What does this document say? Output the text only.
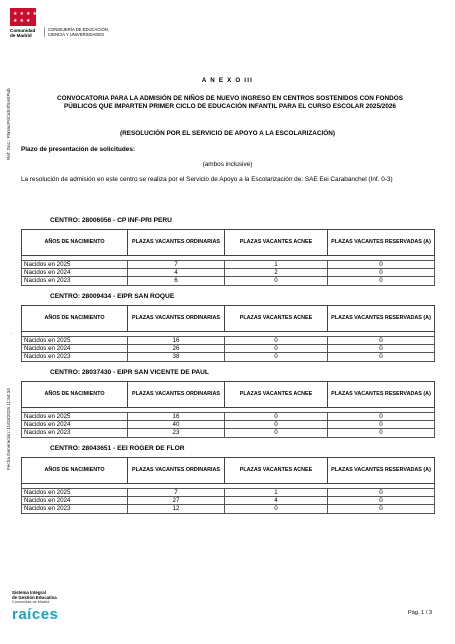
★ ★ ★ ★
★ ★ ★
Comunidad
de Madrid
CONSEJERÍA DE EDUCACIÓN,
CIENCIA Y UNIVERSIDADES
Ref: Doc.: PlaVacPriCiclInfSAEPub
.
Fecha Generación: 11/03/2025 11:54:34
A N E X O III
CONVOCATORIA PARA LA ADMISIÓN DE NIÑOS DE NUEVO INGRESO EN CENTROS SOSTENIDOS CON FONDOS PÚBLICOS QUE IMPARTEN PRIMER CICLO DE EDUCACIÓN INFANTIL PARA EL CURSO ESCOLAR 2025/2026
(RESOLUCIÓN POR EL SERVICIO DE APOYO A LA ESCOLARIZACIÓN)
Plazo de presentación de solicitudes:
(ambos inclusive)
La resolución de admisión en este centro se realiza por el Servicio de Apoyo a la Escolarización de: SAE Eei Carabanchel (Inf. 0-3)
CENTRO: 28006056 - CP INF-PRI PERU
AÑOS DE NACIMIENTO	PLAZAS VACANTES ORDINARIAS	PLAZAS VACANTES ACNEE	PLAZAS VACANTES RESERVADAS (A)

Nacidos en 2025	7	1	0
Nacidos en 2024	4	2	0
Nacidos en 2023	6	0	0
CENTRO: 28009434 - EIPR SAN ROQUE
AÑOS DE NACIMIENTO	PLAZAS VACANTES ORDINARIAS	PLAZAS VACANTES ACNEE	PLAZAS VACANTES RESERVADAS (A)

Nacidos en 2025	16	0	0
Nacidos en 2024	26	0	0
Nacidos en 2023	38	0	0
CENTRO: 28037430 - EIPR SAN VICENTE DE PAUL
AÑOS DE NACIMIENTO	PLAZAS VACANTES ORDINARIAS	PLAZAS VACANTES ACNEE	PLAZAS VACANTES RESERVADAS (A)

Nacidos en 2025	16	0	0
Nacidos en 2024	40	0	0
Nacidos en 2023	23	0	0
CENTRO: 28043651 - EEI ROGER DE FLOR
AÑOS DE NACIMIENTO	PLAZAS VACANTES ORDINARIAS	PLAZAS VACANTES ACNEE	PLAZAS VACANTES RESERVADAS (A)

Nacidos en 2025	7	1	0
Nacidos en 2024	27	4	0
Nacidos en 2023	12	0	0
Sistema Integral
de Gestión Educativa
Comunidad de Madrid
raíces	Pág. 1 / 3
